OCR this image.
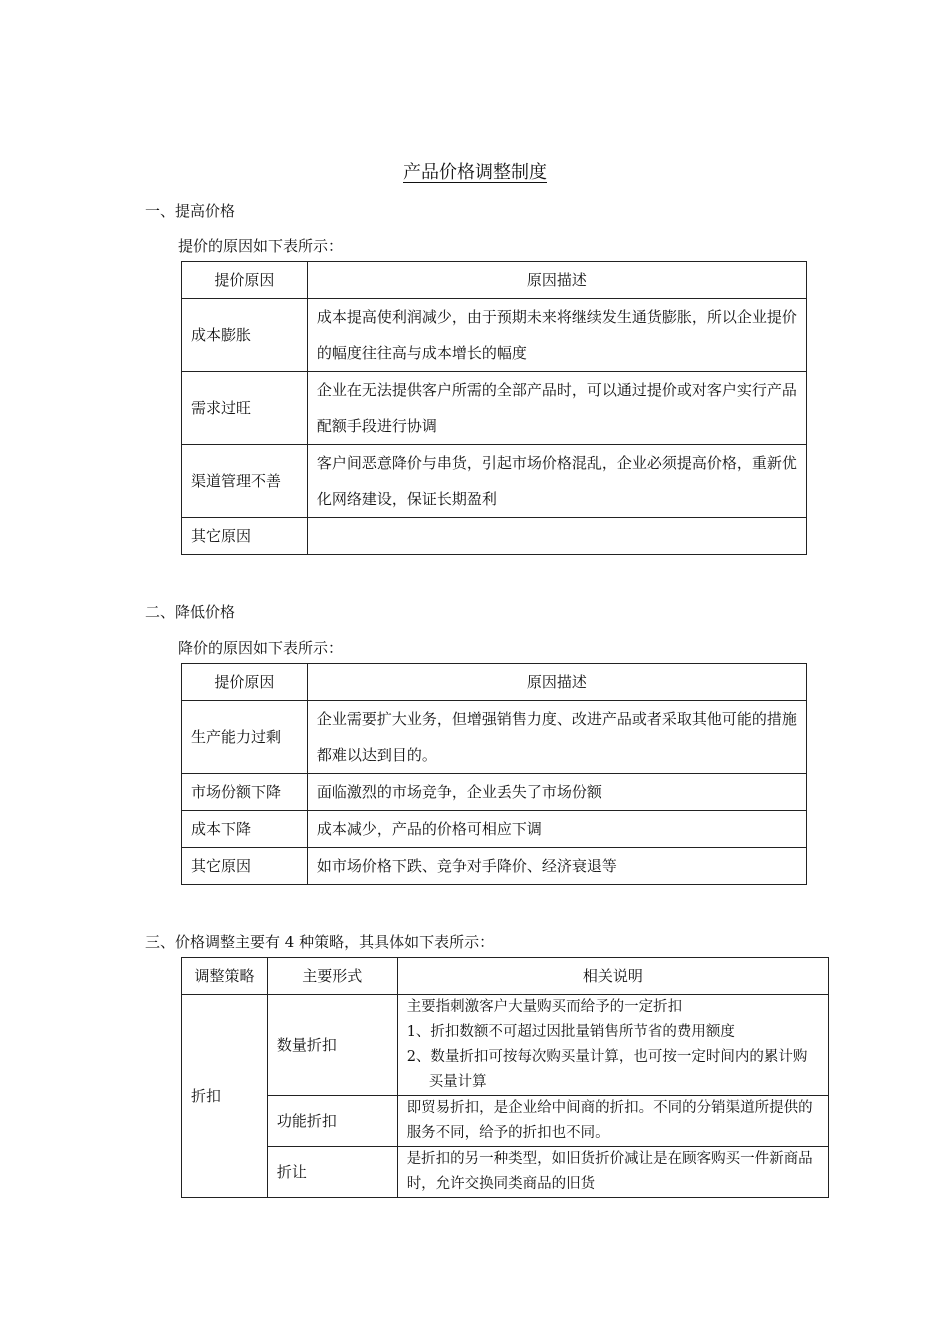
产品价格调整制度
一、提高价格
提价的原因如下表所示：
提价原因	原因描述
成本膨胀	成本提高使利润减少，由于预期未来将继续发生通货膨胀，所以企业提价的幅度往往高与成本增长的幅度
需求过旺	企业在无法提供客户所需的全部产品时，可以通过提价或对客户实行产品配额手段进行协调
渠道管理不善	客户间恶意降价与串货，引起市场价格混乱，企业必须提高价格，重新优化网络建设，保证长期盈利
其它原因	
二、降低价格
降价的原因如下表所示：
提价原因	原因描述
生产能力过剩	企业需要扩大业务，但增强销售力度、改进产品或者采取其他可能的措施都难以达到目的。
市场份额下降	面临激烈的市场竞争，企业丢失了市场份额
成本下降	成本减少，产品的价格可相应下调
其它原因	如市场价格下跌、竞争对手降价、经济衰退等
三、价格调整主要有 4 种策略，其具体如下表所示：
调整策略	主要形式	相关说明
折扣	数量折扣	主要指刺激客户大量购买而给予的一定折扣
1、折扣数额不可超过因批量销售所节省的费用额度
2、数量折扣可按每次购买量计算，也可按一定时间内的累计购买量计算

	功能折扣	即贸易折扣，是企业给中间商的折扣。不同的分销渠道所提供的服务不同，给予的折扣也不同。

	折让	是折扣的另一种类型，如旧货折价减让是在顾客购买一件新商品时，允许交换同类商品的旧货
